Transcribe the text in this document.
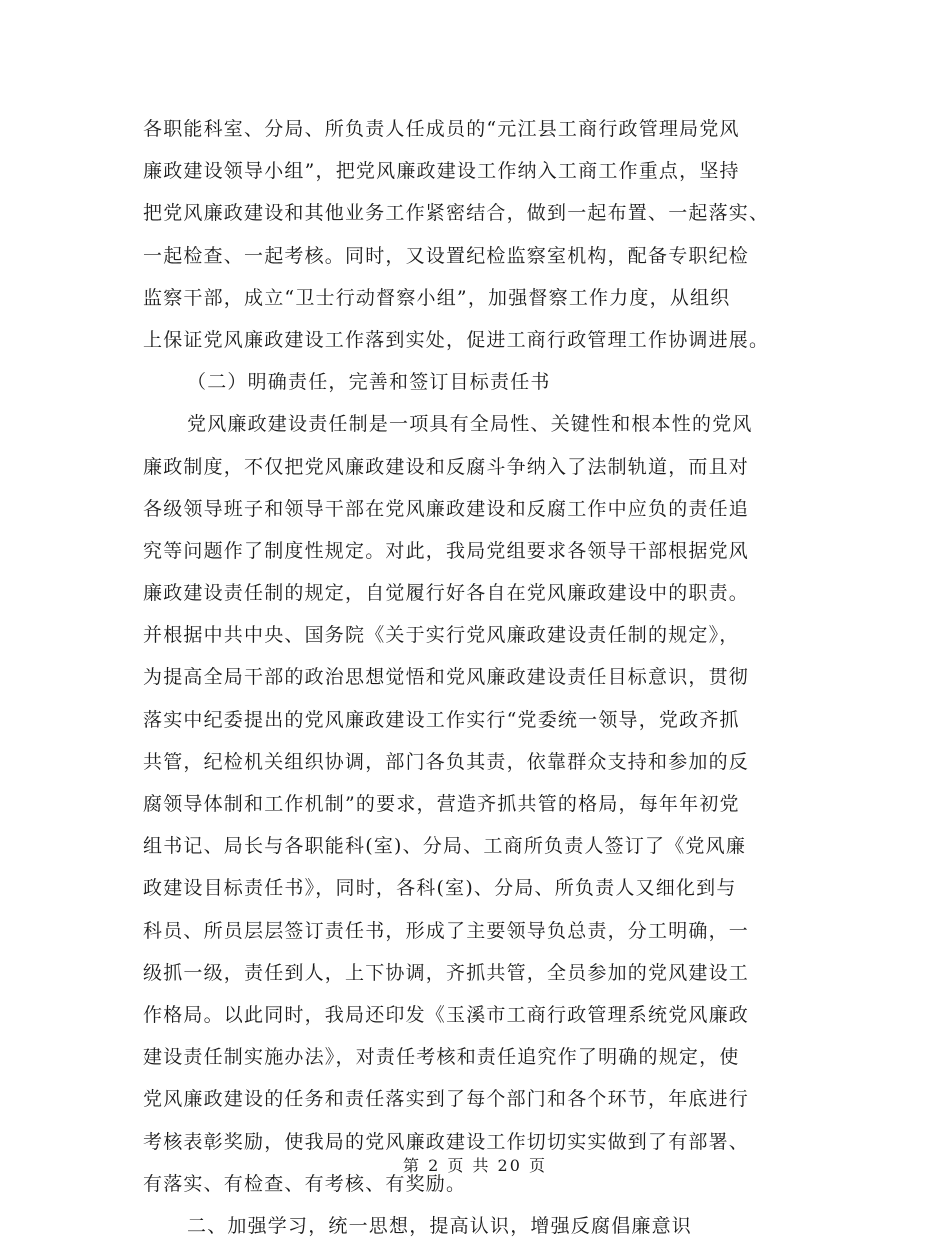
各职能科室、分局、所负责人任成员的“元江县工商行政管理局党风
廉政建设领导小组”，把党风廉政建设工作纳入工商工作重点，坚持
把党风廉政建设和其他业务工作紧密结合，做到一起布置、一起落实、
一起检查、一起考核。同时，又设置纪检监察室机构，配备专职纪检
监察干部，成立“卫士行动督察小组”，加强督察工作力度，从组织
上保证党风廉政建设工作落到实处，促进工商行政管理工作协调进展。
（二）明确责任，完善和签订目标责任书
党风廉政建设责任制是一项具有全局性、关键性和根本性的党风
廉政制度，不仅把党风廉政建设和反腐斗争纳入了法制轨道，而且对
各级领导班子和领导干部在党风廉政建设和反腐工作中应负的责任追
究等问题作了制度性规定。对此，我局党组要求各领导干部根据党风
廉政建设责任制的规定，自觉履行好各自在党风廉政建设中的职责。
并根据中共中央、国务院《关于实行党风廉政建设责任制的规定》，
为提高全局干部的政治思想觉悟和党风廉政建设责任目标意识，贯彻
落实中纪委提出的党风廉政建设工作实行“党委统一领导，党政齐抓
共管，纪检机关组织协调，部门各负其责，依靠群众支持和参加的反
腐领导体制和工作机制”的要求，营造齐抓共管的格局，每年年初党
组书记、局长与各职能科(室)、分局、工商所负责人签订了《党风廉
政建设目标责任书》，同时，各科(室)、分局、所负责人又细化到与
科员、所员层层签订责任书，形成了主要领导负总责，分工明确，一
级抓一级，责任到人，上下协调，齐抓共管，全员参加的党风建设工
作格局。以此同时，我局还印发《玉溪市工商行政管理系统党风廉政
建设责任制实施办法》，对责任考核和责任追究作了明确的规定，使
党风廉政建设的任务和责任落实到了每个部门和各个环节，年底进行
考核表彰奖励，使我局的党风廉政建设工作切切实实做到了有部署、
有落实、有检查、有考核、有奖励。
二、加强学习，统一思想，提高认识，增强反腐倡廉意识
第 2 页 共 20 页
